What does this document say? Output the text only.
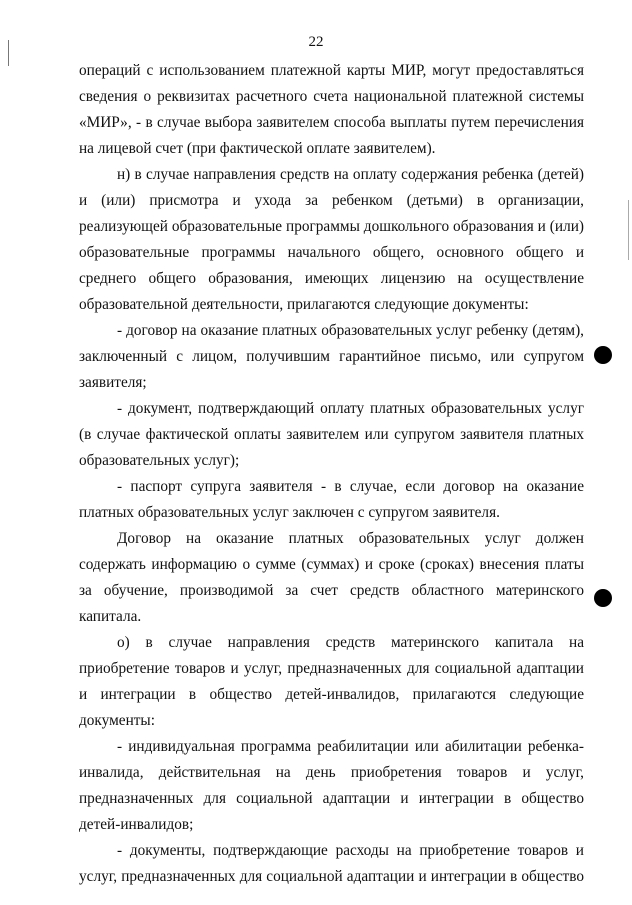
22

операций с использованием платежной карты МИР, могут предоставляться сведения о реквизитах расчетного счета национальной платежной системы «МИР», - в случае выбора заявителем способа выплаты путем перечисления на лицевой счет (при фактической оплате заявителем).

н) в случае направления средств на оплату содержания ребенка (детей) и (или) присмотра и ухода за ребенком (детьми) в организации, реализующей образовательные программы дошкольного образования и (или) образовательные программы начального общего, основного общего и среднего общего образования, имеющих лицензию на осуществление образовательной деятельности, прилагаются следующие документы:

- договор на оказание платных образовательных услуг ребенку (детям), заключенный с лицом, получившим гарантийное письмо, или супругом заявителя;

- документ, подтверждающий оплату платных образовательных услуг (в случае фактической оплаты заявителем или супругом заявителя платных образовательных услуг);

- паспорт супруга заявителя - в случае, если договор на оказание платных образовательных услуг заключен с супругом заявителя.

Договор на оказание платных образовательных услуг должен содержать информацию о сумме (суммах) и сроке (сроках) внесения платы за обучение, производимой за счет средств областного материнского капитала.

о) в случае направления средств материнского капитала на приобретение товаров и услуг, предназначенных для социальной адаптации и интеграции в общество детей-инвалидов, прилагаются следующие документы:

- индивидуальная программа реабилитации или абилитации ребенка-инвалида, действительная на день приобретения товаров и услуг, предназначенных для социальной адаптации и интеграции в общество детей-инвалидов;

- документы, подтверждающие расходы на приобретение товаров и услуг, предназначенных для социальной адаптации и интеграции в общество
